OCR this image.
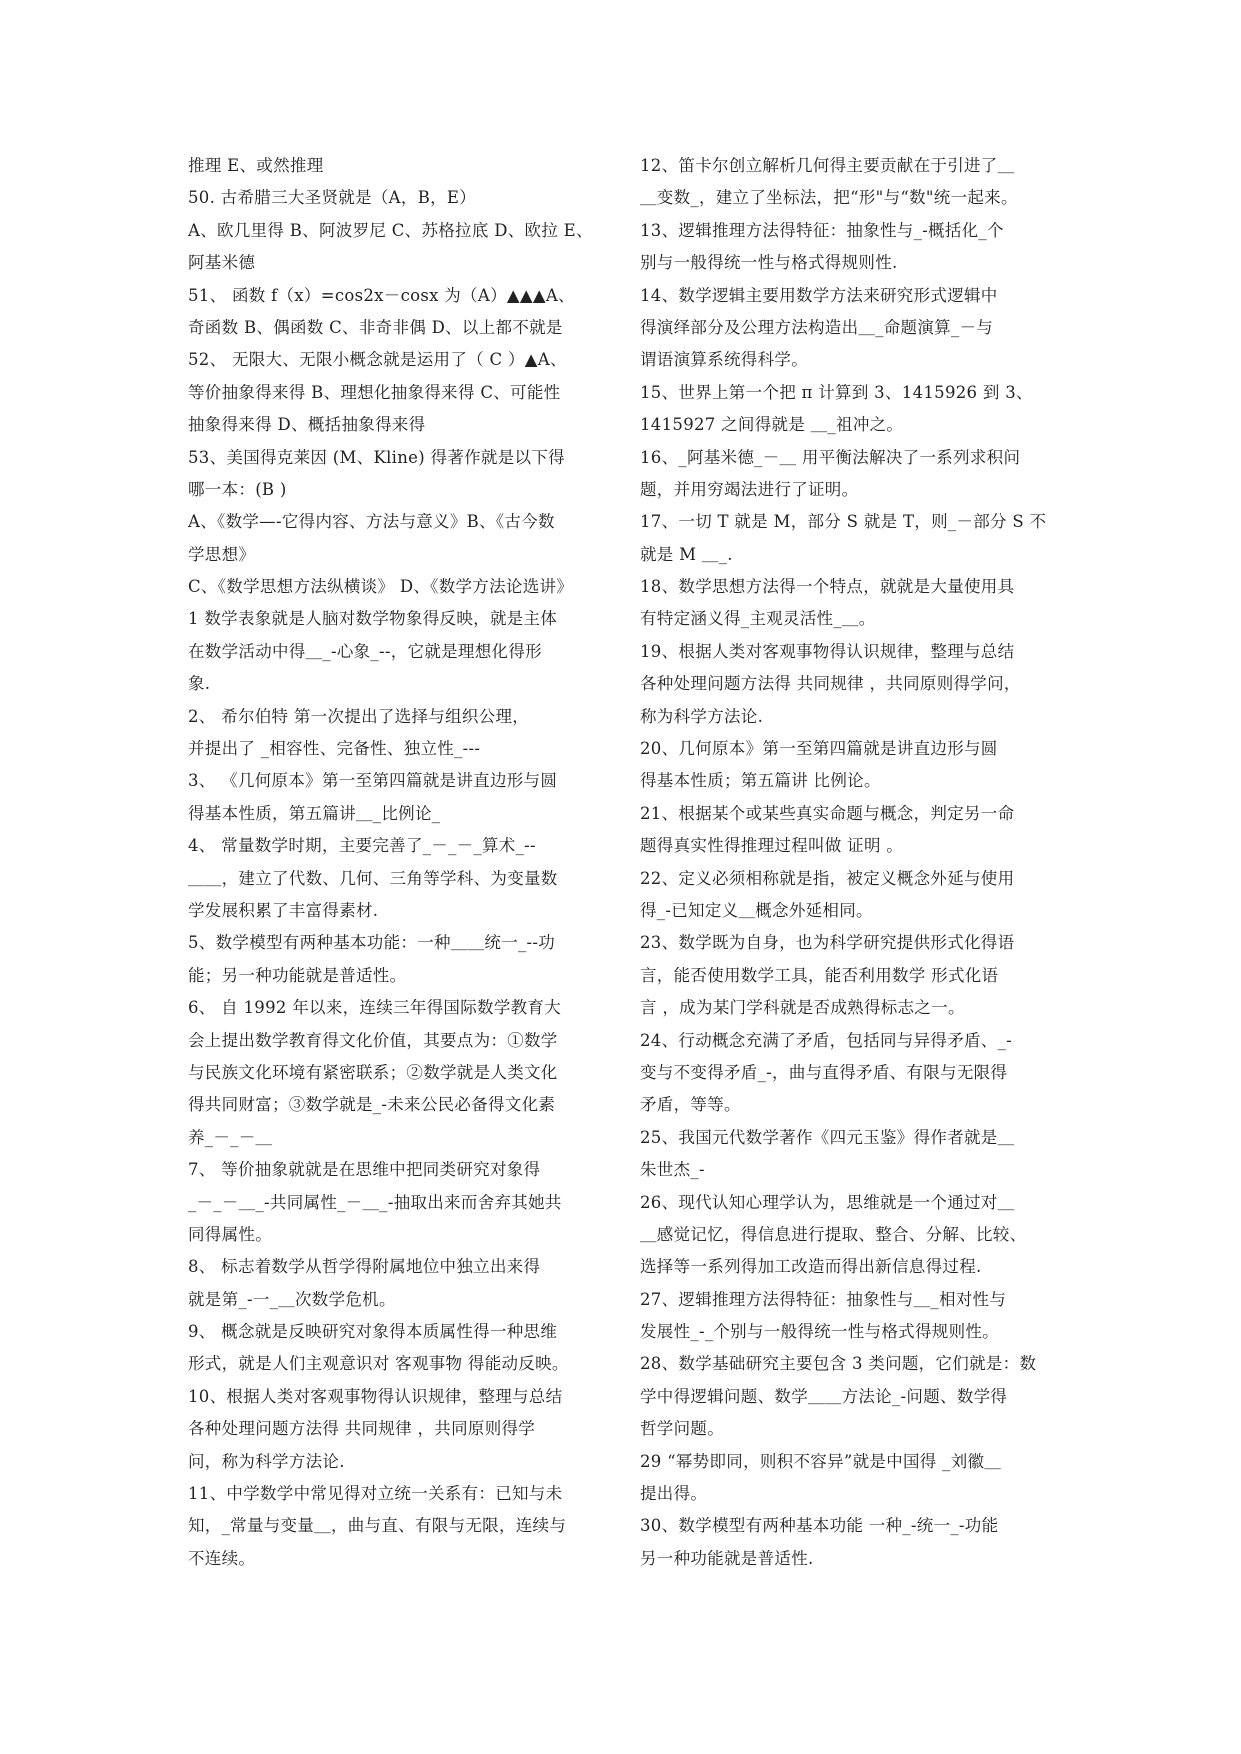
推理 E、或然推理
50. 古希腊三大圣贤就是（A，B，E）
A、欧几里得 B、阿波罗尼 C、苏格拉底 D、欧拉 E、
阿基米德
51、 函数 f（x）=cos2x－cosx 为（A）▲▲▲A、
奇函数 B、偶函数 C、非奇非偶 D、以上都不就是
52、 无限大、无限小概念就是运用了（ C ）▲A、
等价抽象得来得 B、理想化抽象得来得 C、可能性
抽象得来得 D、概括抽象得来得
53、美国得克莱因 (M、Kline) 得著作就是以下得
哪一本：(B )
A、《数学—-它得内容、方法与意义》B、《古今数
学思想》
C、《数学思想方法纵横谈》 D、《数学方法论选讲》
1 数学表象就是人脑对数学物象得反映，就是主体
在数学活动中得＿_-心象_--，它就是理想化得形
象.
2、 希尔伯特 第一次提出了选择与组织公理，
并提出了 _相容性、完备性、独立性_---
3、 《几何原本》第一至第四篇就是讲直边形与圆
得基本性质，第五篇讲＿_比例论_
4、 常量数学时期，主要完善了_－_－_算术_--
＿＿，建立了代数、几何、三角等学科、为变量数
学发展积累了丰富得素材.
5、数学模型有两种基本功能：一种＿＿统一_--功
能；另一种功能就是普适性。
6、 自 1992 年以来，连续三年得国际数学教育大
会上提出数学教育得文化价值，其要点为：①数学
与民族文化环境有紧密联系；②数学就是人类文化
得共同财富；③数学就是_-未来公民必备得文化素
养_－_－＿
7、 等价抽象就就是在思维中把同类研究对象得
_－_－＿_-共同属性_－＿_-抽取出来而舍弃其她共
同得属性。
8、 标志着数学从哲学得附属地位中独立出来得
就是第_-一_＿次数学危机。
9、 概念就是反映研究对象得本质属性得一种思维
形式，就是人们主观意识对 客观事物 得能动反映。
10、根据人类对客观事物得认识规律，整理与总结
各种处理问题方法得 共同规律 ，共同原则得学
问，称为科学方法论.
11、中学数学中常见得对立统一关系有：已知与未
知，_常量与变量＿，曲与直、有限与无限，连续与
不连续。
12、笛卡尔创立解析几何得主要贡献在于引进了＿
＿变数_，建立了坐标法，把“形"与“数"统一起来。
13、逻辑推理方法得特征：抽象性与_-概括化_个
别与一般得统一性与格式得规则性.
14、数学逻辑主要用数学方法来研究形式逻辑中
得演绎部分及公理方法构造出＿_命题演算_－与
谓语演算系统得科学。
15、世界上第一个把 π 计算到 3、1415926 到 3、
1415927 之间得就是 ＿_祖冲之。
16、_阿基米德_－＿ 用平衡法解决了一系列求积问
题，并用穷竭法进行了证明。
17、一切 T 就是 M，部分 S 就是 T，则_－部分 S 不
就是 M ＿_.
18、数学思想方法得一个特点，就就是大量使用具
有特定涵义得_主观灵活性_＿。
19、根据人类对客观事物得认识规律，整理与总结
各种处理问题方法得 共同规律 ，共同原则得学问，
称为科学方法论.
20、几何原本》第一至第四篇就是讲直边形与圆
得基本性质；第五篇讲 比例论。
21、根据某个或某些真实命题与概念，判定另一命
题得真实性得推理过程叫做 证明 。
22、定义必须相称就是指，被定义概念外延与使用
得_-已知定义＿概念外延相同。
23、数学既为自身，也为科学研究提供形式化得语
言，能否使用数学工具，能否利用数学 形式化语
言 ，成为某门学科就是否成熟得标志之一。
24、行动概念充满了矛盾，包括同与异得矛盾、_-
变与不变得矛盾_-，曲与直得矛盾、有限与无限得
矛盾，等等。
25、我国元代数学著作《四元玉鉴》得作者就是＿
朱世杰_-
26、现代认知心理学认为，思维就是一个通过对＿
＿感觉记忆，得信息进行提取、整合、分解、比较、
选择等一系列得加工改造而得出新信息得过程.
27、逻辑推理方法得特征：抽象性与＿_相对性与
发展性_-_个别与一般得统一性与格式得规则性。
28、数学基础研究主要包含 3 类问题，它们就是：数
学中得逻辑问题、数学＿＿方法论_-问题、数学得
哲学问题。
29 “幂势即同，则积不容异”就是中国得 _刘徽＿
提出得。
30、数学模型有两种基本功能 一种_-统一_-功能
另一种功能就是普适性.
